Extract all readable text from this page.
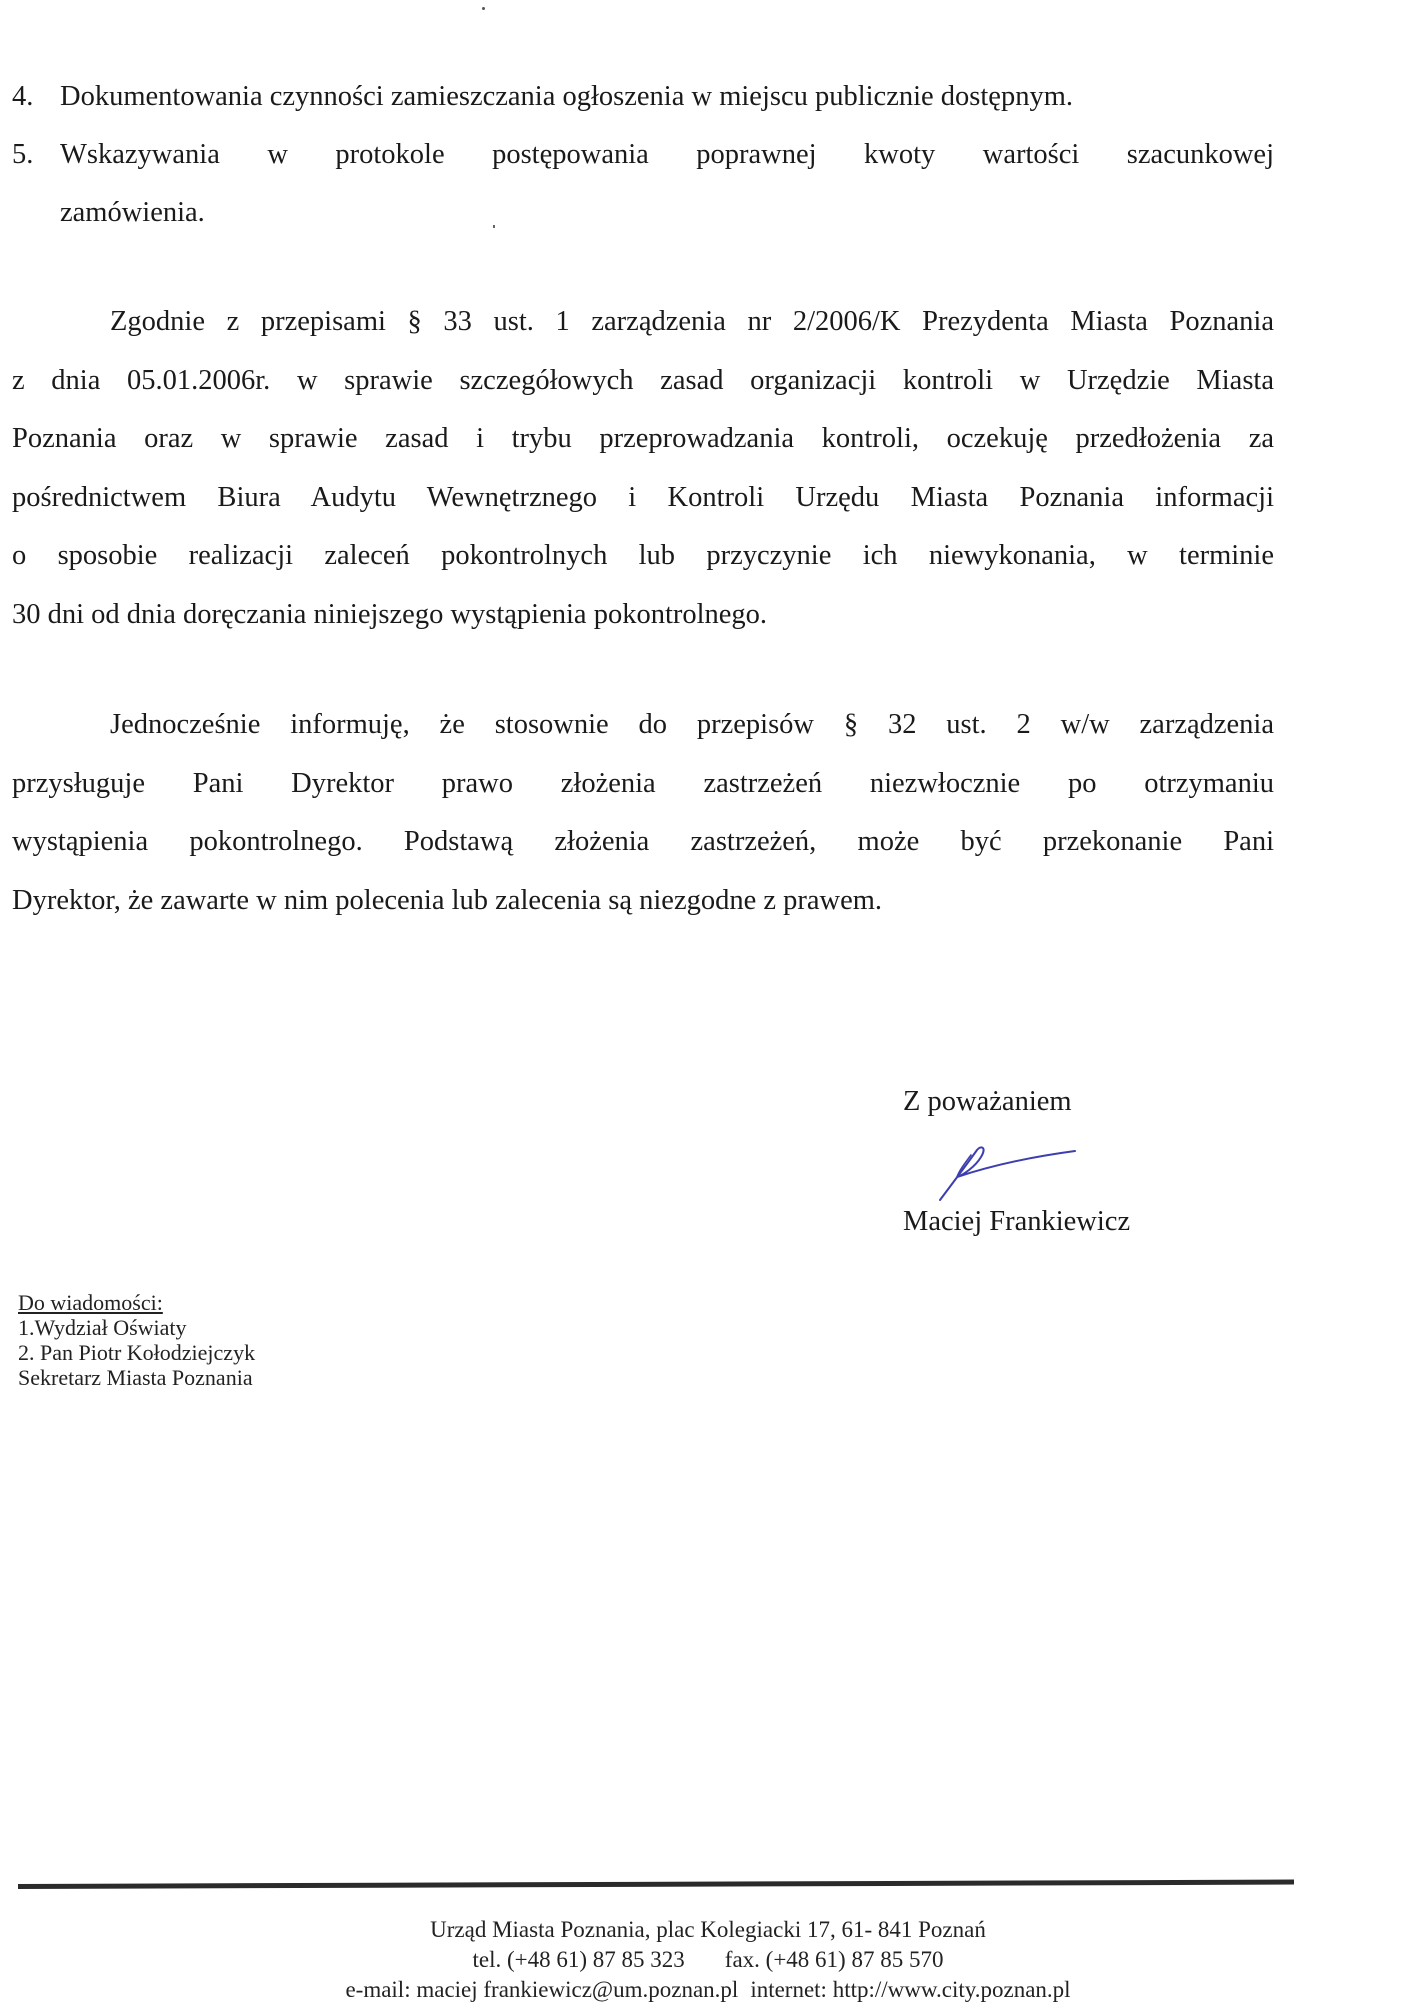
4. Dokumentowania czynności zamieszczania ogłoszenia w miejscu publicznie dostępnym.
5. Wskazywania w protokole postępowania poprawnej kwoty wartości szacunkowej
zamówienia.
Zgodnie z przepisami § 33 ust. 1 zarządzenia nr 2/2006/K Prezydenta Miasta Poznania
z dnia 05.01.2006r. w sprawie szczegółowych zasad organizacji kontroli w Urzędzie Miasta
Poznania oraz w sprawie zasad i trybu przeprowadzania kontroli, oczekuję przedłożenia za
pośrednictwem Biura Audytu Wewnętrznego i Kontroli Urzędu Miasta Poznania informacji
o sposobie realizacji zaleceń pokontrolnych lub przyczynie ich niewykonania, w terminie
30 dni od dnia doręczania niniejszego wystąpienia pokontrolnego.
Jednocześnie informuję, że stosownie do przepisów § 32 ust. 2 w/w zarządzenia
przysługuje Pani Dyrektor prawo złożenia zastrzeżeń niezwłocznie po otrzymaniu
wystąpienia pokontrolnego. Podstawą złożenia zastrzeżeń, może być przekonanie Pani
Dyrektor, że zawarte w nim polecenia lub zalecenia są niezgodne z prawem.
Z poważaniem
Maciej Frankiewicz
Do wiadomości:
1.Wydział Oświaty
2. Pan Piotr Kołodziejczyk
Sekretarz Miasta Poznania
Urząd Miasta Poznania, plac Kolegiacki 17, 61- 841 Poznań
tel. (+48 61) 87 85 323 fax. (+48 61) 87 85 570
e-mail: maciej frankiewicz@um.poznan.pl internet: http://www.city.poznan.pl
